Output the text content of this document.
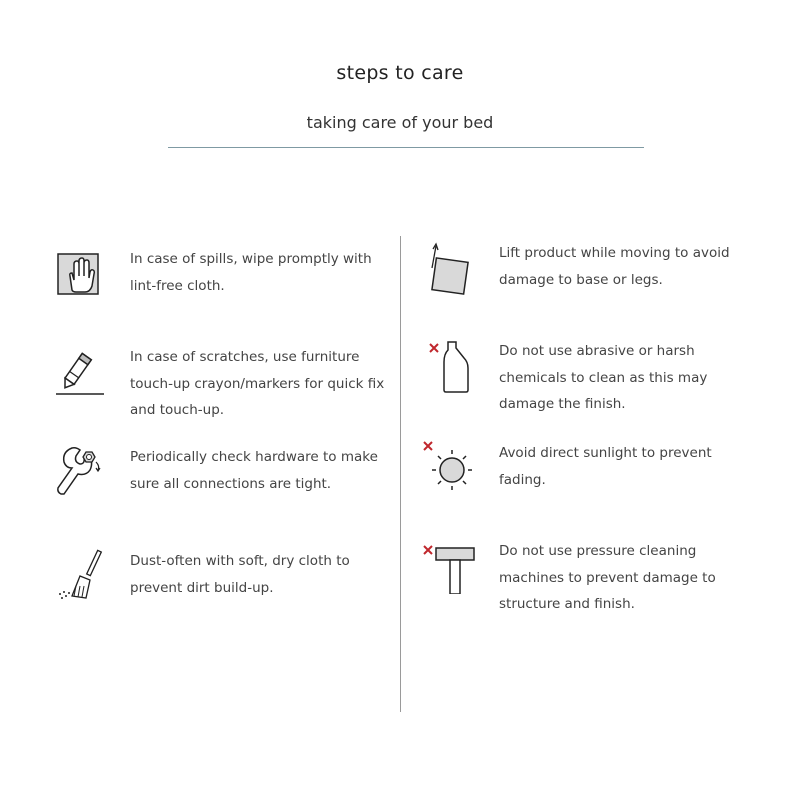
steps to care
taking care of your bed
In case of spills, wipe promptly with lint-free cloth.
In case of scratches, use furniture touch-up crayon/markers for quick fix and touch-up.
Periodically check hardware to make sure all connections are tight.
Dust-often with soft, dry cloth to prevent dirt build-up.
Lift product while moving to avoid damage to base or legs.
Do not use abrasive or harsh chemicals to clean as this may damage the finish.
Avoid direct sunlight to prevent fading.
Do not use pressure cleaning machines to prevent damage to structure and finish.
